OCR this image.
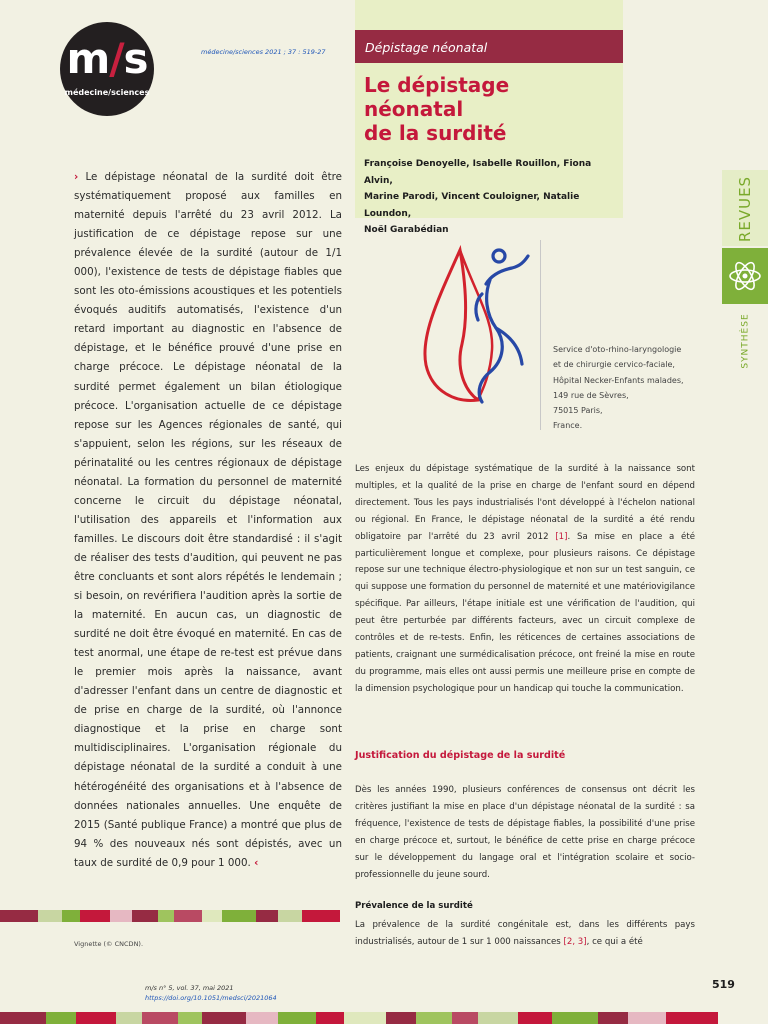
m/s
médecine/sciences
médecine/sciences 2021 ; 37 : 519-27	Dépistage néonatal
Le dépistage
néonatal
de la surdité
Françoise Denoyelle, Isabelle Rouillon, Fiona Alvin,
Marine Parodi, Vincent Couloigner, Natalie Loundon,
Noël Garabédian	REVUES
SYNTHÈSE
Service d'oto-rhino-laryngologie
et de chirurgie cervico-faciale,
Hôpital Necker-Enfants malades,
149 rue de Sèvres,
75015 Paris,
France.
› Le dépistage néonatal de la surdité doit être systématiquement proposé aux familles en maternité depuis l'arrêté du 23 avril 2012. La justification de ce dépistage repose sur une prévalence élevée de la surdité (autour de 1/1 000), l'existence de tests de dépistage fiables que sont les oto-émissions acoustiques et les potentiels évoqués auditifs automatisés, l'existence d'un retard important au diagnostic en l'absence de dépistage, et le bénéfice prouvé d'une prise en charge précoce. Le dépistage néonatal de la surdité permet également un bilan étiologique précoce. L'organisation actuelle de ce dépistage repose sur les Agences régionales de santé, qui s'appuient, selon les régions, sur les réseaux de périnatalité ou les centres régionaux de dépistage néonatal. La formation du personnel de maternité concerne le circuit du dépistage néonatal, l'utilisation des appareils et l'information aux familles. Le discours doit être standardisé : il s'agit de réaliser des tests d'audition, qui peuvent ne pas être concluants et sont alors répétés le lendemain ; si besoin, on revérifiera l'audition après la sortie de la maternité. En aucun cas, un diagnostic de surdité ne doit être évoqué en maternité. En cas de test anormal, une étape de re-test est prévue dans le premier mois après la naissance, avant d'adresser l'enfant dans un centre de diagnostic et de prise en charge de la surdité, où l'annonce diagnostique et la prise en charge sont multidisciplinaires. L'organisation régionale du dépistage néonatal de la surdité a conduit à une hétérogénéité des organisations et à l'absence de données nationales annuelles. Une enquête de 2015 (Santé publique France) a montré que plus de 94 % des nouveaux nés sont dépistés, avec un taux de surdité de 0,9 pour 1 000. ‹
Les enjeux du dépistage systématique de la surdité à la naissance sont multiples, et la qualité de la prise en charge de l'enfant sourd en dépend directement. Tous les pays industrialisés l'ont développé à l'échelon national ou régional. En France, le dépistage néonatal de la surdité a été rendu obligatoire par l'arrêté du 23 avril 2012 [1]. Sa mise en place a été particulièrement longue et complexe, pour plusieurs raisons. Ce dépistage repose sur une technique électro-physiologique et non sur un test sanguin, ce qui suppose une formation du personnel de maternité et une matériovigilance spécifique. Par ailleurs, l'étape initiale est une vérification de l'audition, qui peut être perturbée par différents facteurs, avec un circuit complexe de contrôles et de re-tests. Enfin, les réticences de certaines associations de patients, craignant une surmédicalisation précoce, ont freiné la mise en route du programme, mais elles ont aussi permis une meilleure prise en compte de la dimension psychologique pour un handicap qui touche la communication.
Justification du dépistage de la surdité
Dès les années 1990, plusieurs conférences de consensus ont décrit les critères justifiant la mise en place d'un dépistage néonatal de la surdité : sa fréquence, l'existence de tests de dépistage fiables, la possibilité d'une prise en charge précoce et, surtout, le bénéfice de cette prise en charge précoce sur le développement du langage oral et l'intégration scolaire et socio-professionnelle du jeune sourd.
Prévalence de la surdité
La prévalence de la surdité congénitale est, dans les différents pays industrialisés, autour de 1 sur 1 000 naissances [2, 3], ce qui a été
Vignette (© CNCDN).
m/s n° 5, vol. 37, mai 2021
https://doi.org/10.1051/medsci/2021064
519
